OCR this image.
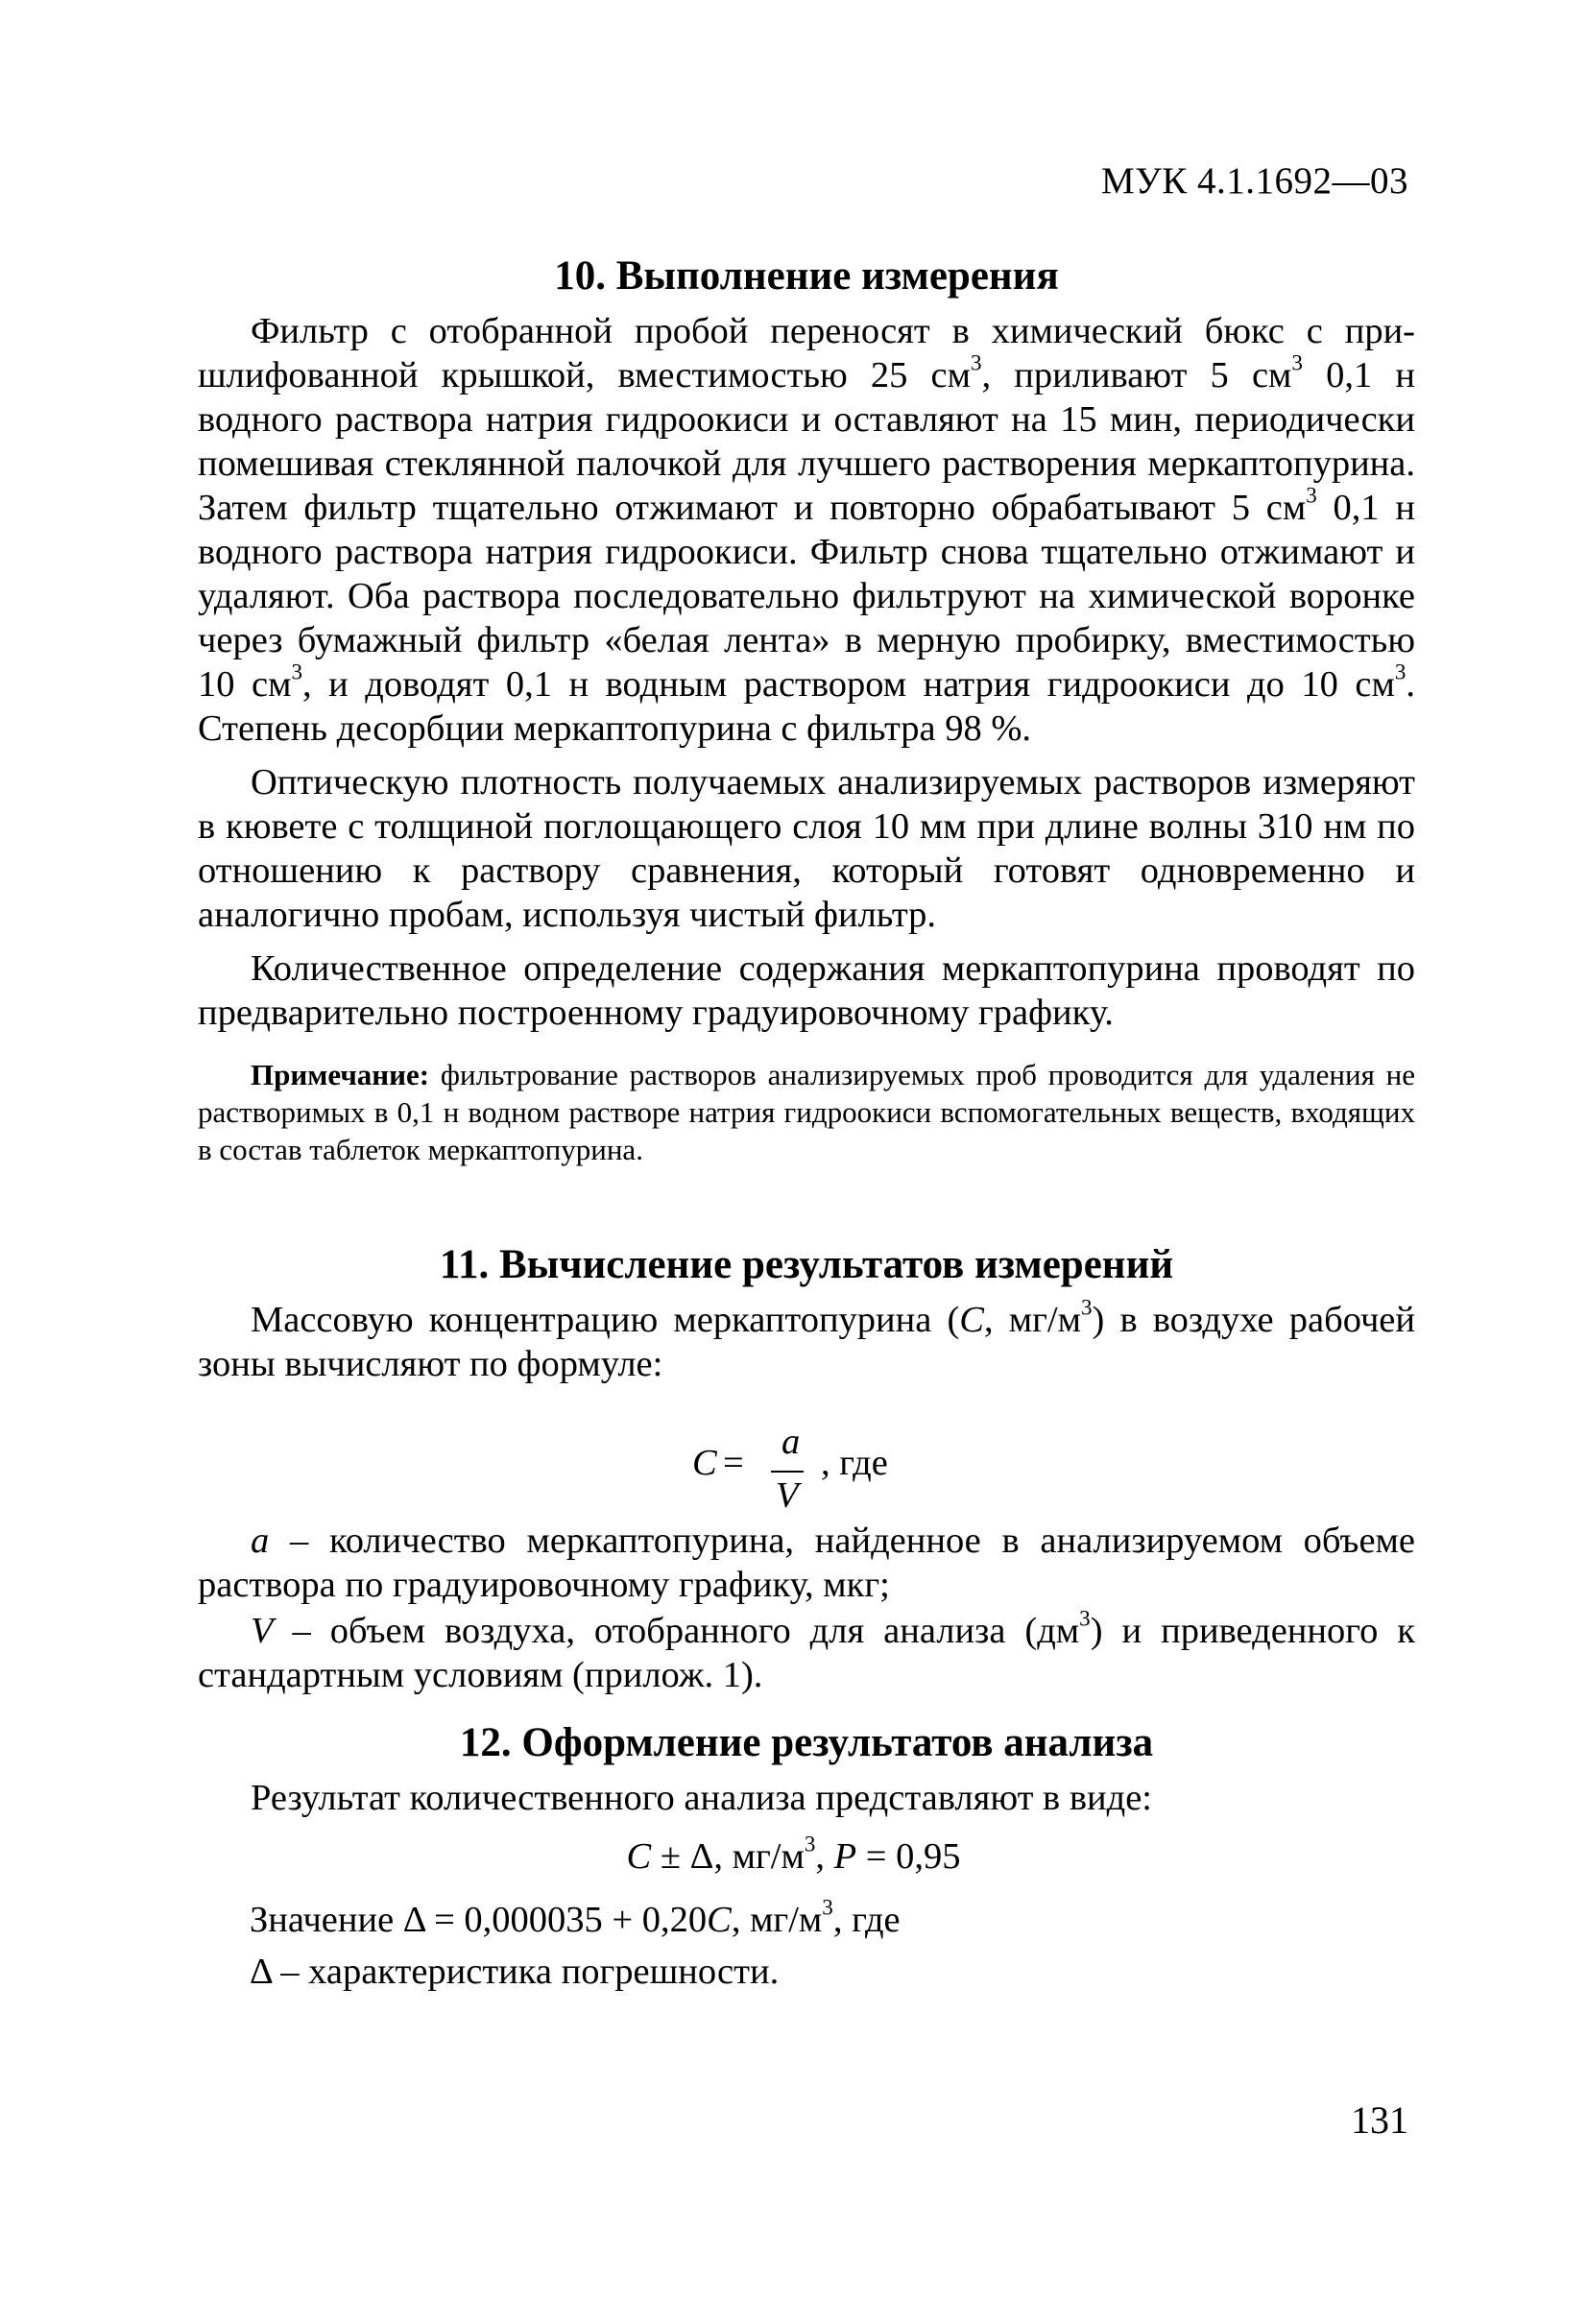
МУК 4.1.1692—03
10. Выполнение измерения

Фильтр с отобранной пробой переносят в химический бюкс с пришлифованной крышкой, вместимостью 25 $см^3$, приливают 5 $см^3$ 0,1 н водного раствора натрия гидроокиси и оставляют на 15 мин, периодически помешивая стеклянной палочкой для лучшего растворения меркаптопурина. Затем фильтр тщательно отжимают и повторно обрабатывают 5 $см^3$ 0,1 н водного раствора натрия гидроокиси. Фильтр снова тщательно отжимают и удаляют. Оба раствора последовательно фильтруют на химической воронке через бумажный фильтр «белая лента» в мерную пробирку, вместимостью 10 $см^3$, и доводят 0,1 н водным раствором натрия гидроокиси до 10 $см^3$. Степень десорбции меркаптопурина с фильтра 98 %.

Оптическую плотность получаемых анализируемых растворов измеряют в кювете с толщиной поглощающего слоя 10 мм при длине волны 310 нм по отношению к раствору сравнения, который готовят одновременно и аналогично пробам, используя чистый фильтр.

Количественное определение содержания меркаптопурина проводят по предварительно построенному градуировочному графику.

Примечание: фильтрование растворов анализируемых проб проводится для удаления не растворимых в 0,1 н водном растворе натрия гидроокиси вспомогательных веществ, входящих в состав таблеток меркаптопурина.
11. Вычисление результатов измерений

Массовую концентрацию меркаптопурина (C, $мг/м^3$) в воздухе рабочей зоны вычисляют по формуле:

C =
a
V
, где

a – количество меркаптопурина, найденное в анализируемом объеме раствора по градуировочному графику, мкг;

V – объем воздуха, отобранного для анализа $(дм^3)$ и приведенного к стандартным условиям (прилож. 1).

12. Оформление результатов анализа

Результат количественного анализа представляют в виде:

C ± Δ, $мг/м^3$, P = 0,95
Значение Δ = 0,000035 + 0,20C, $мг/м^3$, где
Δ – характеристика погрешности.
131
